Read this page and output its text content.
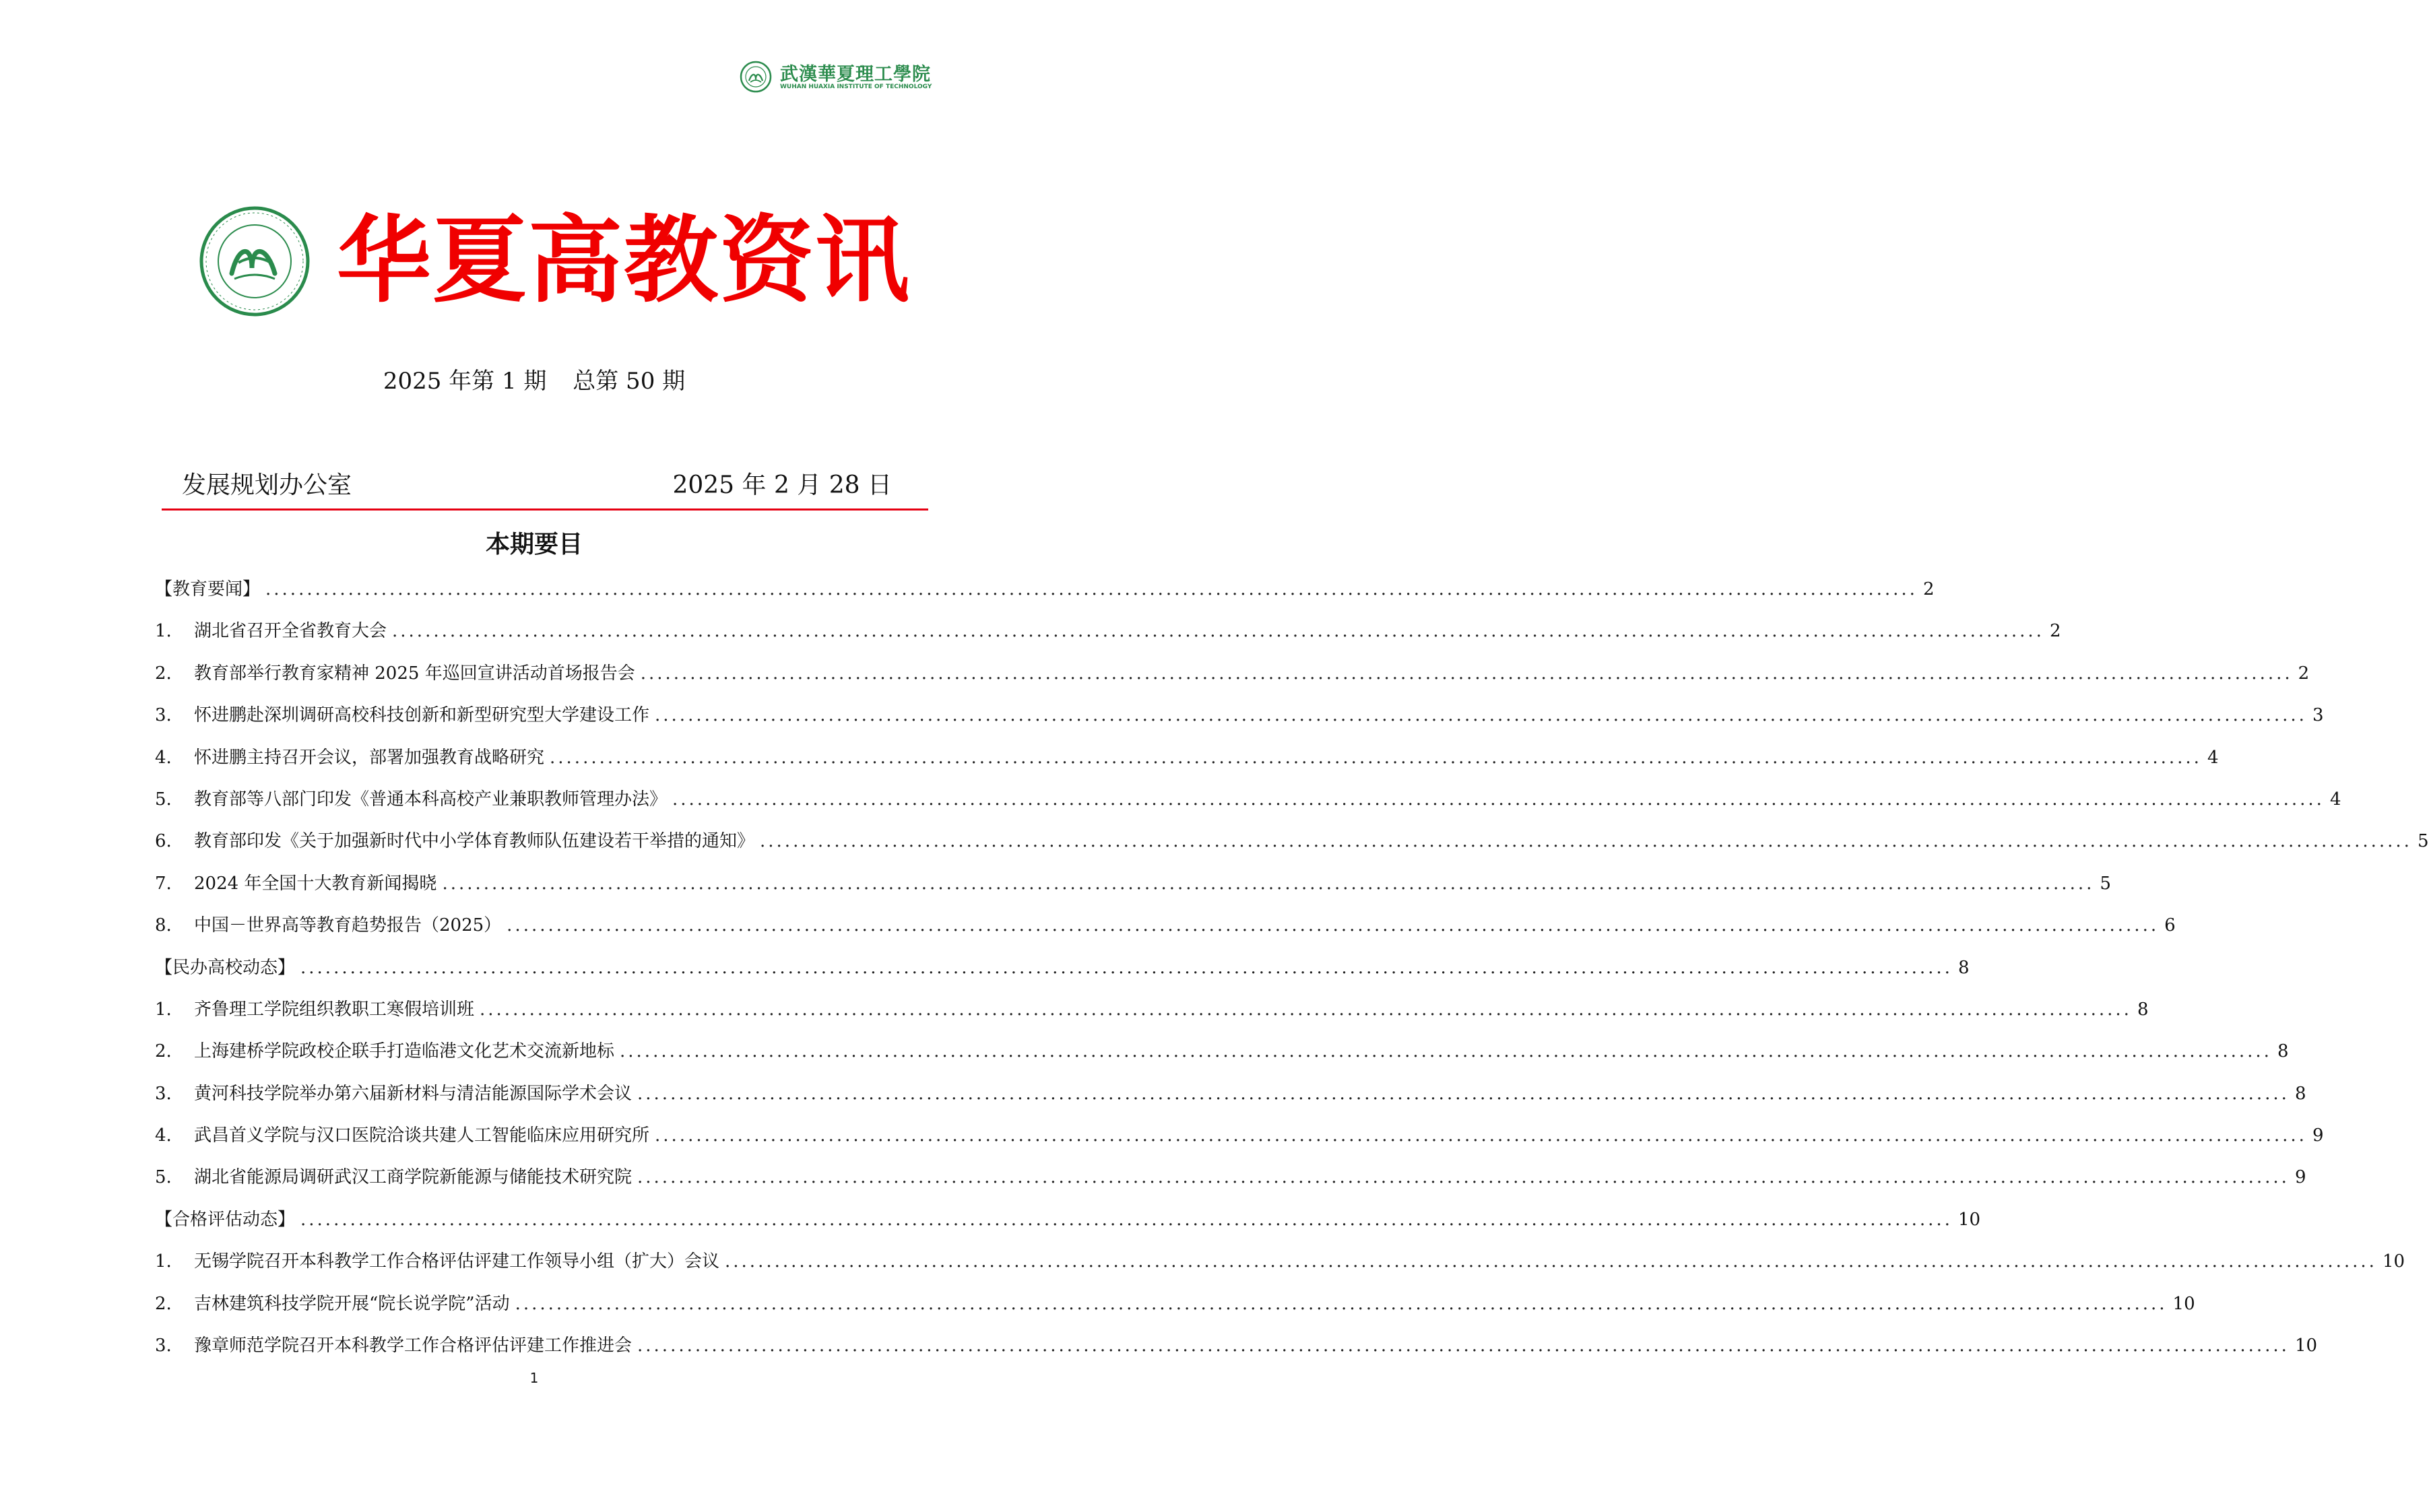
武漢華夏理工學院
WUHAN HUAXIA INSTITUTE OF TECHNOLOGY
华夏高教资讯
2025 年第 1 期 总第 50 期
发展规划办公室	2025 年 2 月 28 日
本期要目
【教育要闻】 ........................................................................................................................................................................................................ 2
1.	湖北省召开全省教育大会 ........................................................................................................................................................................................................ 2
2.	教育部举行教育家精神 2025 年巡回宣讲活动首场报告会 ........................................................................................................................................................................................................ 2
3.	怀进鹏赴深圳调研高校科技创新和新型研究型大学建设工作 ........................................................................................................................................................................................................ 3
4.	怀进鹏主持召开会议，部署加强教育战略研究 ........................................................................................................................................................................................................ 4
5.	教育部等八部门印发《普通本科高校产业兼职教师管理办法》 ........................................................................................................................................................................................................ 4
6.	教育部印发《关于加强新时代中小学体育教师队伍建设若干举措的通知》 ........................................................................................................................................................................................................ 5
7.	2024 年全国十大教育新闻揭晓 ........................................................................................................................................................................................................ 5
8.	中国－世界高等教育趋势报告（2025） ........................................................................................................................................................................................................ 6
【民办高校动态】 ........................................................................................................................................................................................................ 8
1.	齐鲁理工学院组织教职工寒假培训班 ........................................................................................................................................................................................................ 8
2.	上海建桥学院政校企联手打造临港文化艺术交流新地标 ........................................................................................................................................................................................................ 8
3.	黄河科技学院举办第六届新材料与清洁能源国际学术会议 ........................................................................................................................................................................................................ 8
4.	武昌首义学院与汉口医院洽谈共建人工智能临床应用研究所 ........................................................................................................................................................................................................ 9
5.	湖北省能源局调研武汉工商学院新能源与储能技术研究院 ........................................................................................................................................................................................................ 9
【合格评估动态】 ........................................................................................................................................................................................................ 10
1.	无锡学院召开本科教学工作合格评估评建工作领导小组（扩大）会议 ........................................................................................................................................................................................................ 10
2.	吉林建筑科技学院开展“院长说学院”活动 ........................................................................................................................................................................................................ 10
3.	豫章师范学院召开本科教学工作合格评估评建工作推进会 ........................................................................................................................................................................................................ 10
1
